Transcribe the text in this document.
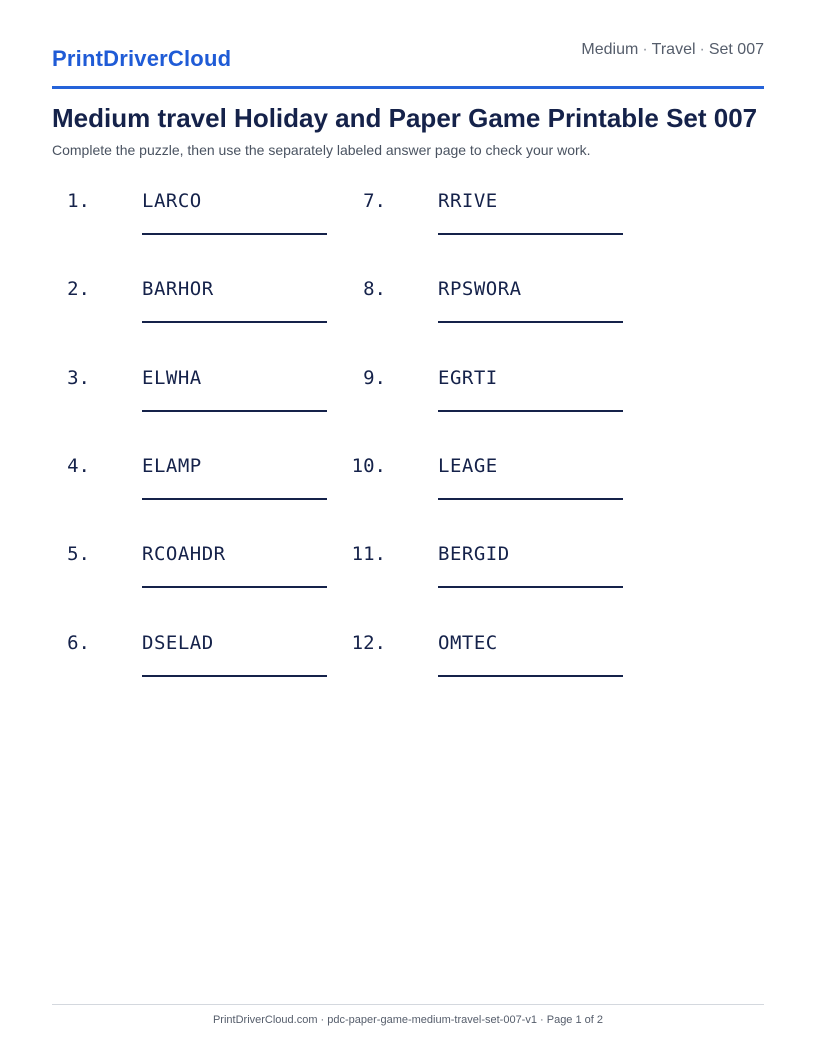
PrintDriverCloud	Medium · Travel · Set 007
Medium travel Holiday and Paper Game Printable Set 007
Complete the puzzle, then use the separately labeled answer page to check your work.
1.	LARCO
2.	BARHOR
3.	ELWHA
4.	ELAMP
5.	RCOAHDR
6.	DSELAD
7.	RRIVE
8.	RPSWORA
9.	EGRTI
10.	LEAGE
11.	BERGID
12.	OMTEC
PrintDriverCloud.com · pdc-paper-game-medium-travel-set-007-v1 · Page 1 of 2
